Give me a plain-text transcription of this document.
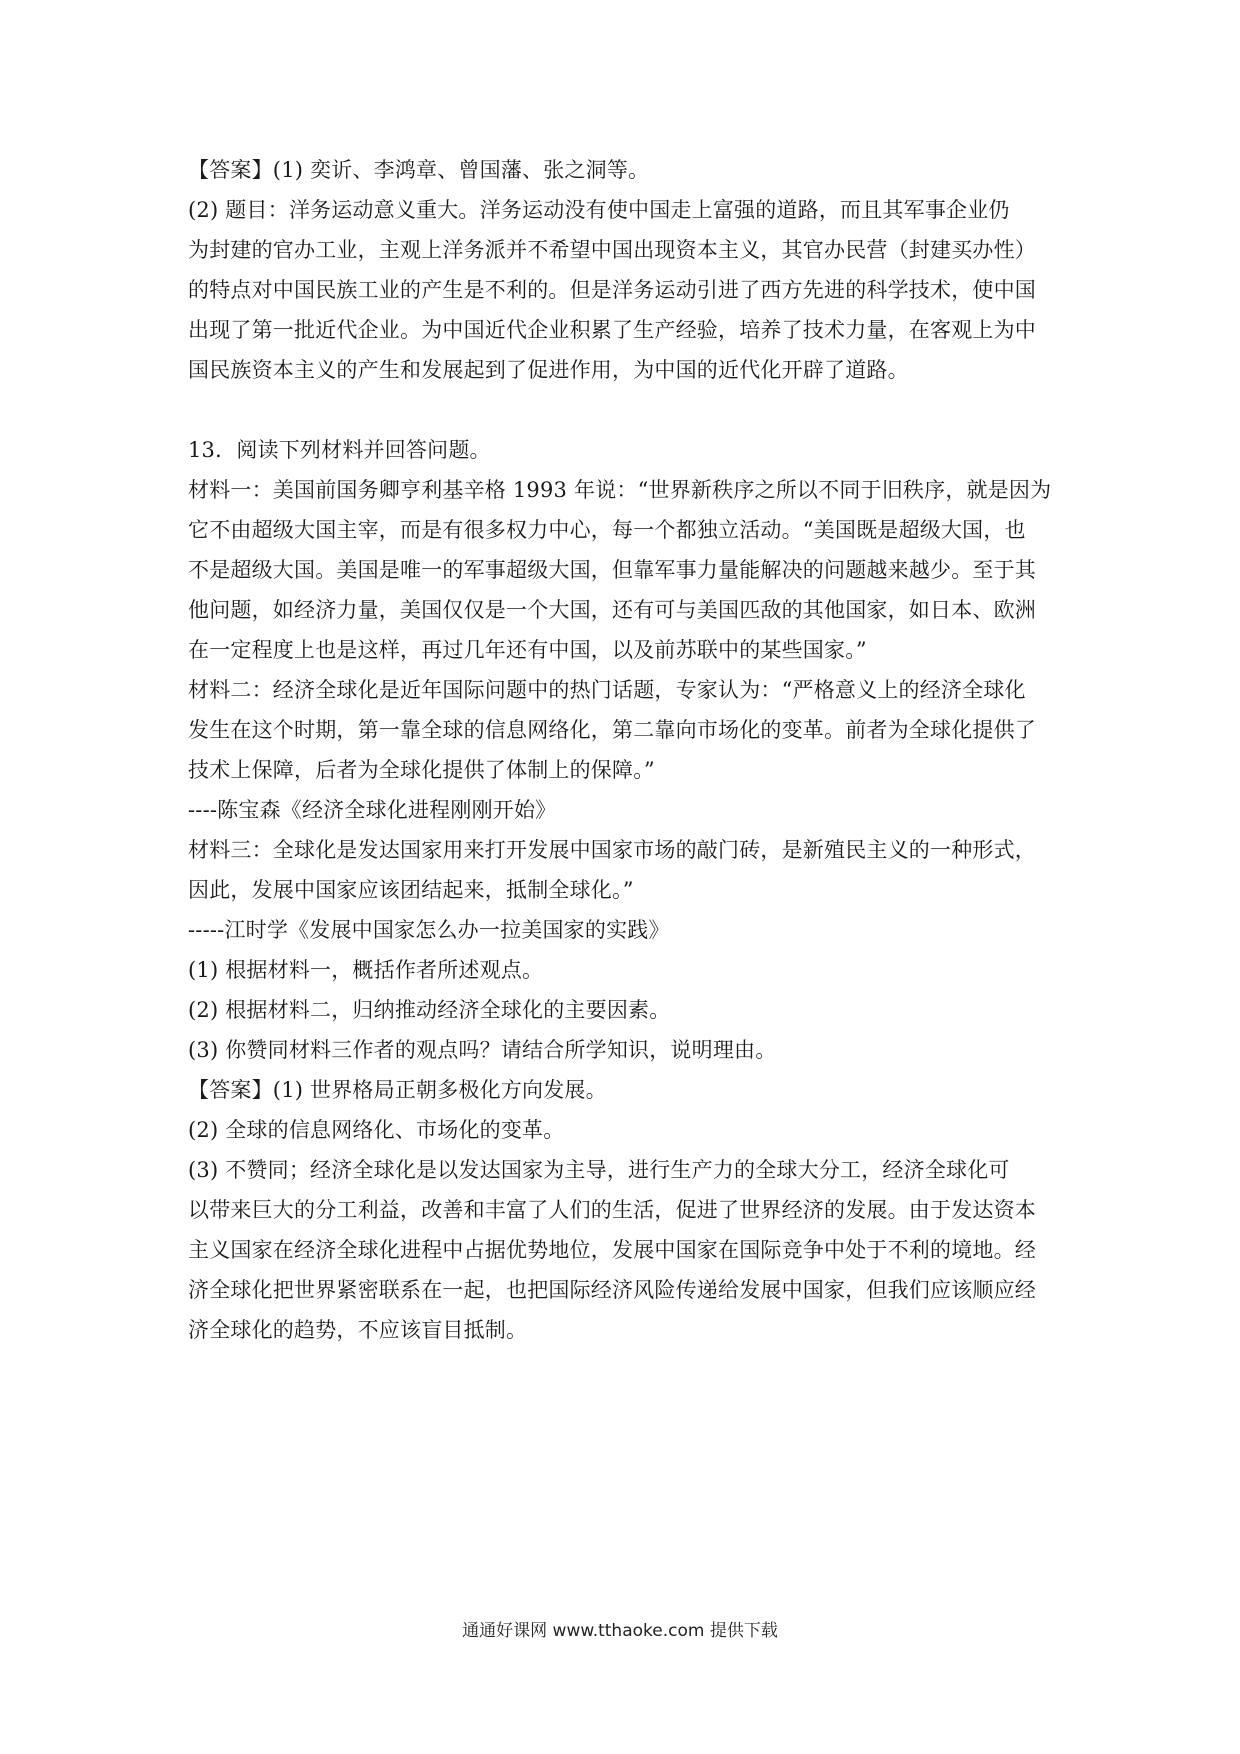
【答案】(1) 奕䜣、李鸿章、曾国藩、张之洞等。
(2) 题目：洋务运动意义重大。洋务运动没有使中国走上富强的道路，而且其军事企业仍
为封建的官办工业，主观上洋务派并不希望中国出现资本主义，其官办民营（封建买办性）
的特点对中国民族工业的产生是不利的。但是洋务运动引进了西方先进的科学技术，使中国
出现了第一批近代企业。为中国近代企业积累了生产经验，培养了技术力量，在客观上为中
国民族资本主义的产生和发展起到了促进作用，为中国的近代化开辟了道路。
13．阅读下列材料并回答问题。
材料一：美国前国务卿亨利基辛格 1993 年说：“世界新秩序之所以不同于旧秩序，就是因为
它不由超级大国主宰，而是有很多权力中心，每一个都独立活动。“美国既是超级大国，也
不是超级大国。美国是唯一的军事超级大国，但靠军事力量能解决的问题越来越少。至于其
他问题，如经济力量，美国仅仅是一个大国，还有可与美国匹敌的其他国家，如日本、欧洲
在一定程度上也是这样，再过几年还有中国，以及前苏联中的某些国家。”
材料二：经济全球化是近年国际问题中的热门话题，专家认为：“严格意义上的经济全球化
发生在这个时期，第一靠全球的信息网络化，第二靠向市场化的变革。前者为全球化提供了
技术上保障，后者为全球化提供了体制上的保障。”
----陈宝森《经济全球化进程刚刚开始》
材料三：全球化是发达国家用来打开发展中国家市场的敲门砖，是新殖民主义的一种形式，
因此，发展中国家应该团结起来，抵制全球化。”
-----江时学《发展中国家怎么办一拉美国家的实践》
(1) 根据材料一，概括作者所述观点。
(2) 根据材料二，归纳推动经济全球化的主要因素。
(3) 你赞同材料三作者的观点吗？请结合所学知识，说明理由。
【答案】(1) 世界格局正朝多极化方向发展。
(2) 全球的信息网络化、市场化的变革。
(3) 不赞同；经济全球化是以发达国家为主导，进行生产力的全球大分工，经济全球化可
以带来巨大的分工利益，改善和丰富了人们的生活，促进了世界经济的发展。由于发达资本
主义国家在经济全球化进程中占据优势地位，发展中国家在国际竞争中处于不利的境地。经
济全球化把世界紧密联系在一起，也把国际经济风险传递给发展中国家，但我们应该顺应经
济全球化的趋势，不应该盲目抵制。
通通好课网 www.tthaoke.com 提供下载
